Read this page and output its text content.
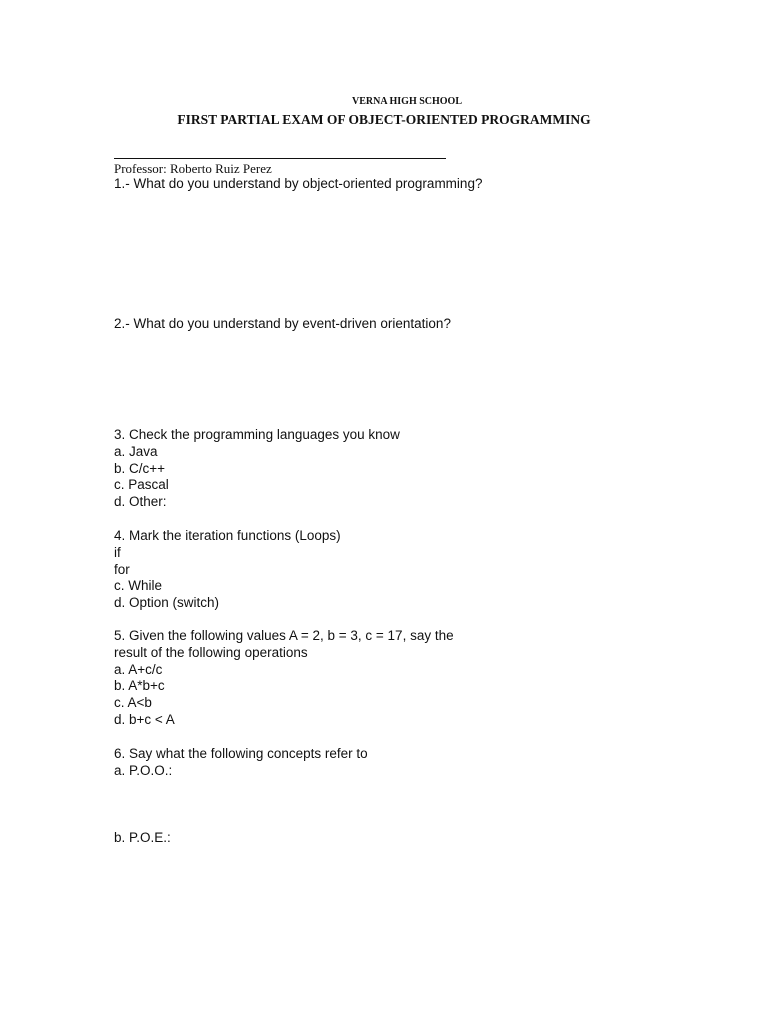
VERNA HIGH SCHOOL
FIRST PARTIAL EXAM OF OBJECT-ORIENTED PROGRAMMING
Professor: Roberto Ruiz Perez
1.- What do you understand by object-oriented programming?
2.- What do you understand by event-driven orientation?
3. Check the programming languages you know
a. Java
b. C/c++
c. Pascal
d. Other:
4. Mark the iteration functions (Loops)
if
for
c. While
d. Option (switch)
5. Given the following values A = 2, b = 3, c = 17, say the
result of the following operations
a. A+c/c
b. A*b+c
c. A<b
d. b+c < A
6. Say what the following concepts refer to
a. P.O.O.:
b. P.O.E.:
